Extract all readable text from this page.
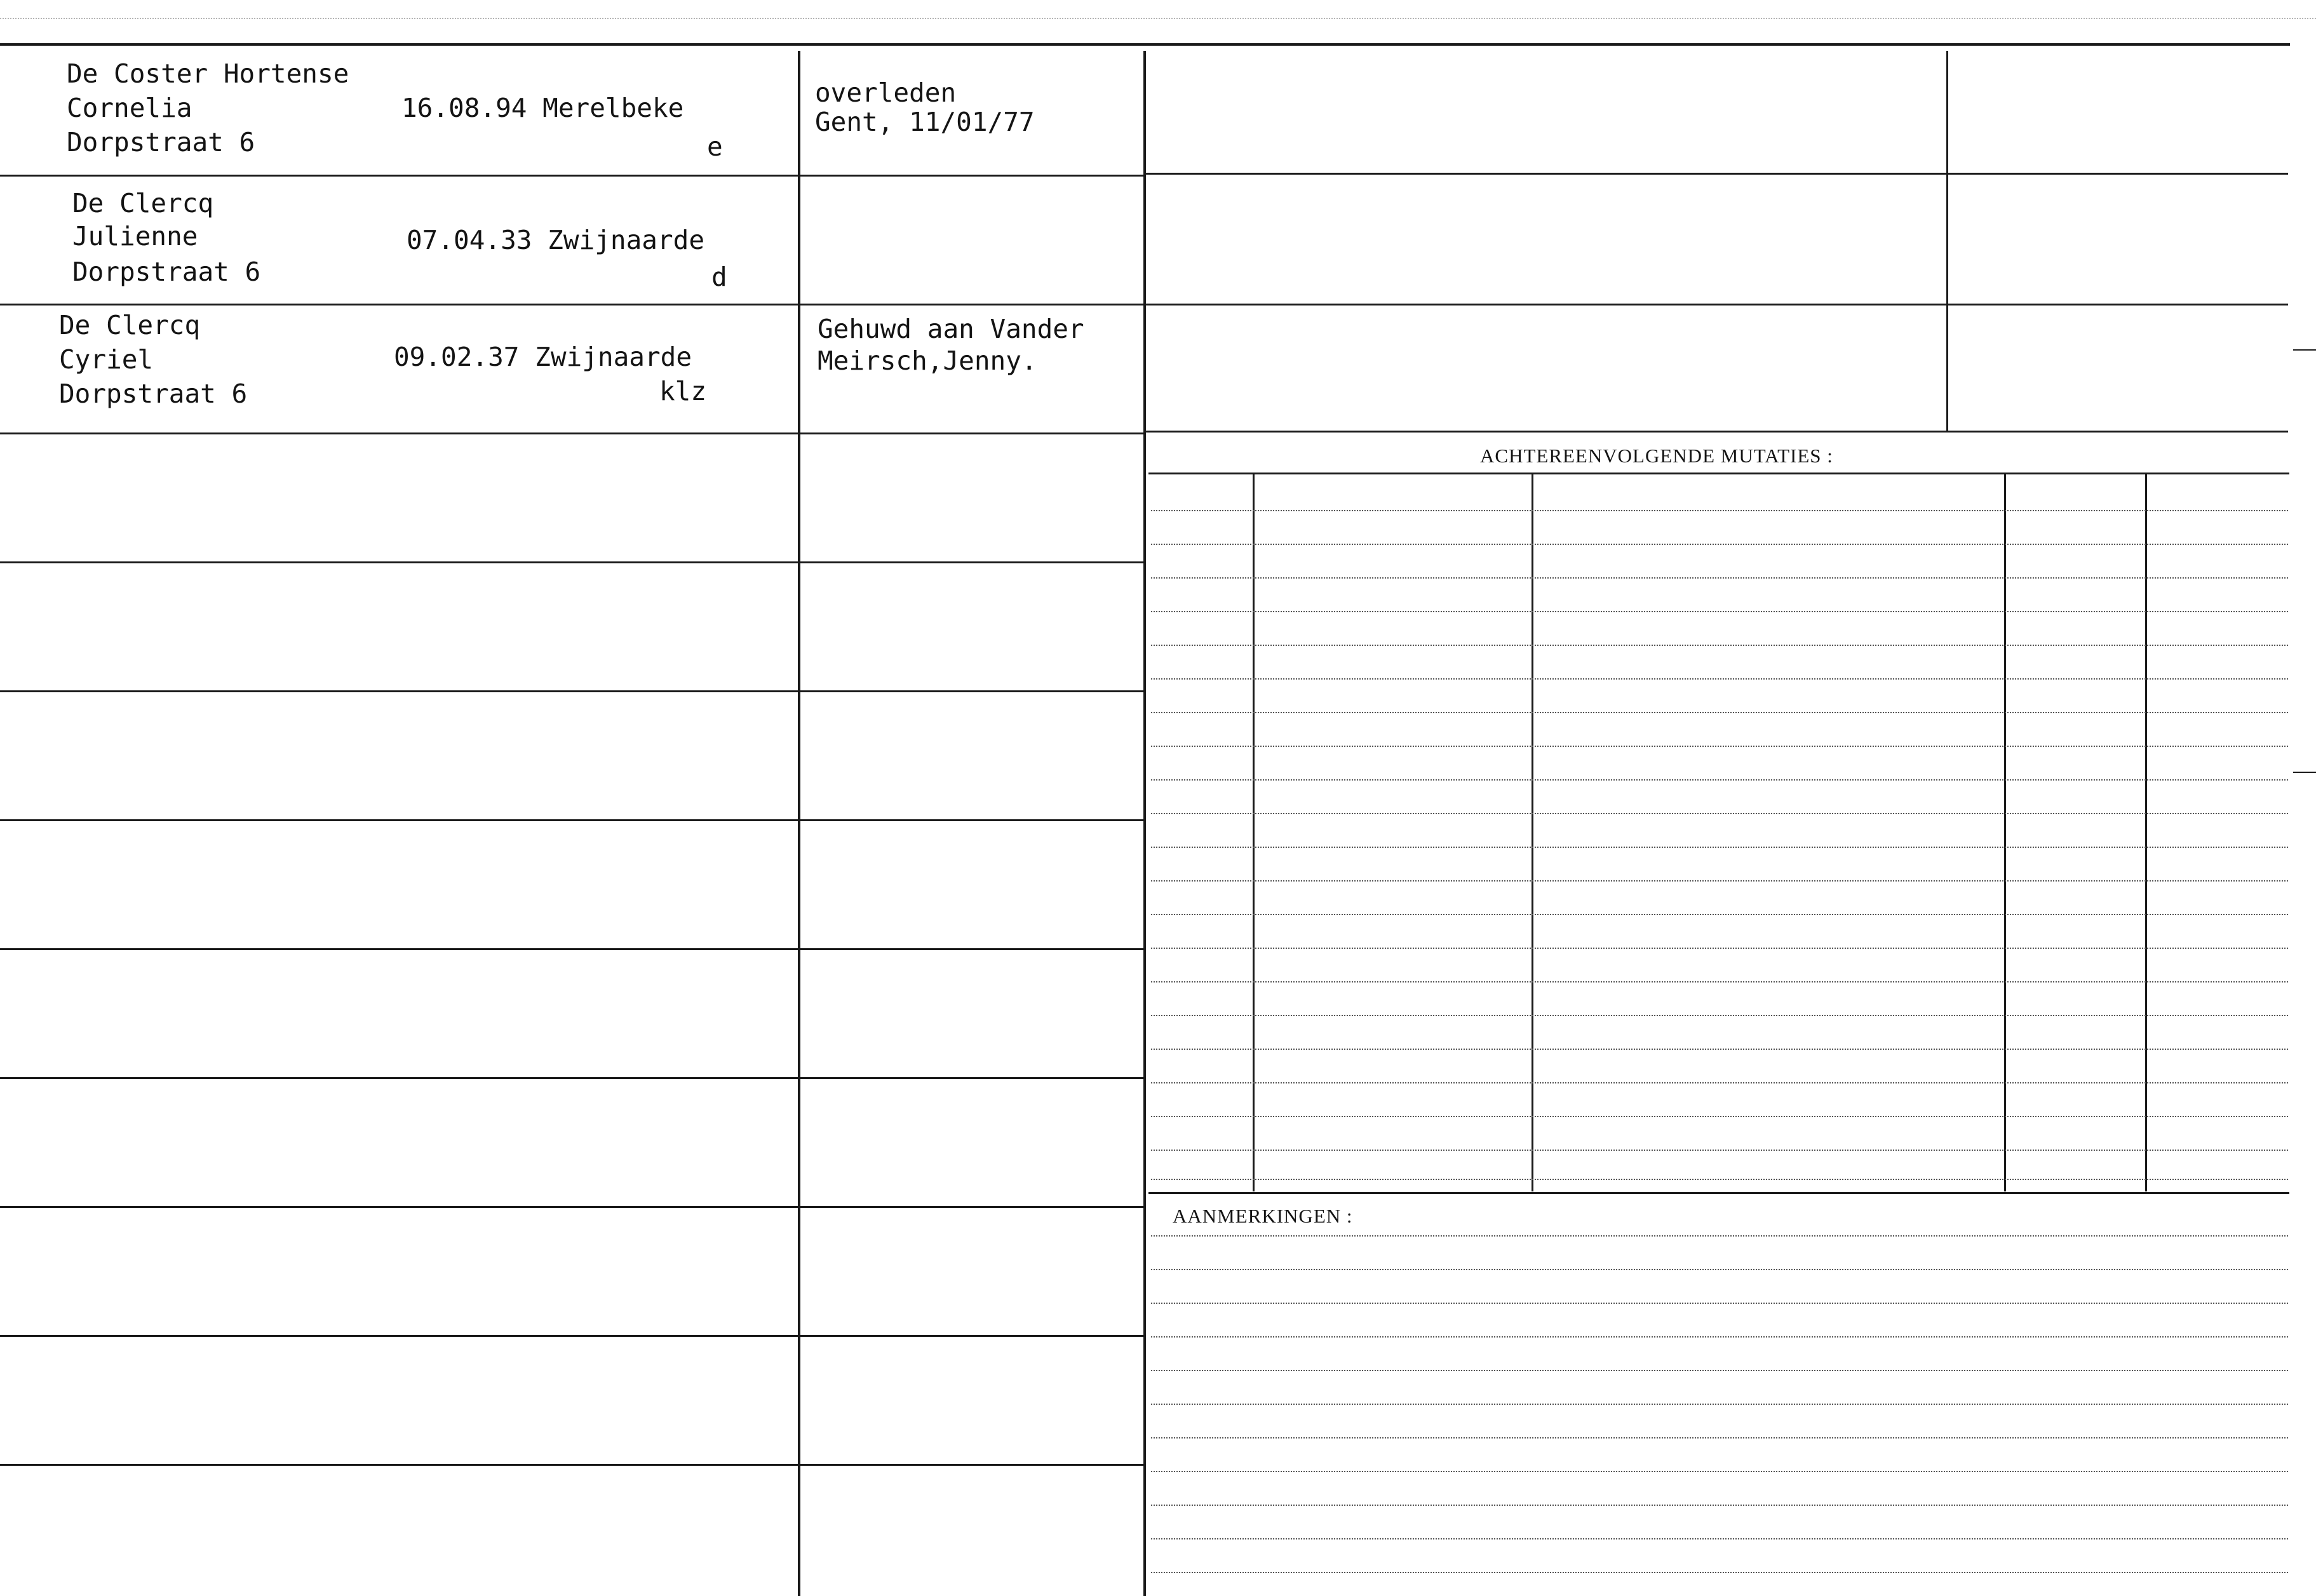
De Coster Hortense
Cornelia
Dorpstraat 6
16.08.94 Merelbeke
e
overleden
Gent, 11/01/77
De Clercq
Julienne
Dorpstraat 6
07.04.33 Zwijnaarde
d
De Clercq
Cyriel
Dorpstraat 6
09.02.37 Zwijnaarde
klz
Gehuwd aan Vander
Meirsch,Jenny.
ACHTEREENVOLGENDE MUTATIES :
AANMERKINGEN :
